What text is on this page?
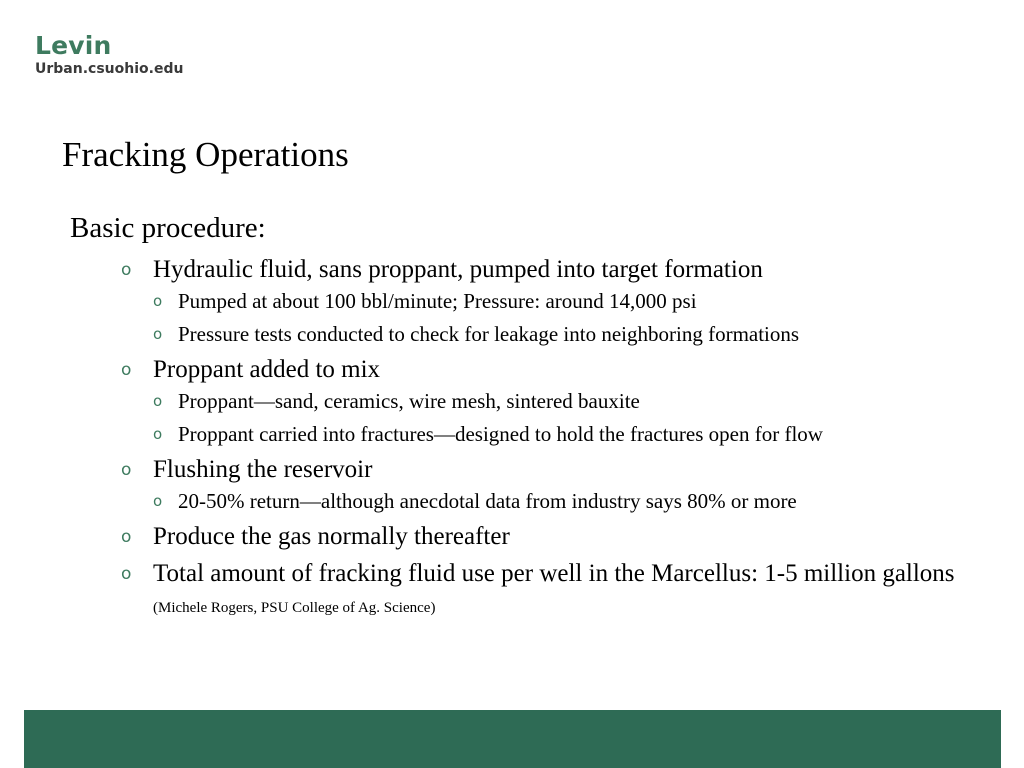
Levin
Urban.csuohio.edu
Fracking Operations
Basic procedure:
o Hydraulic fluid, sans proppant, pumped into target formation
o Pumped at about 100 bbl/minute; Pressure: around 14,000 psi
o Pressure tests conducted to check for leakage into neighboring formations
o Proppant added to mix
o Proppant—sand, ceramics, wire mesh, sintered bauxite
o Proppant carried into fractures—designed to hold the fractures open for flow
o Flushing the reservoir
o 20-50% return—although anecdotal data from industry says 80% or more
o Produce the gas normally thereafter
o Total amount of fracking fluid use per well in the Marcellus: 1-5 million gallons (Michele Rogers, PSU College of Ag. Science)
